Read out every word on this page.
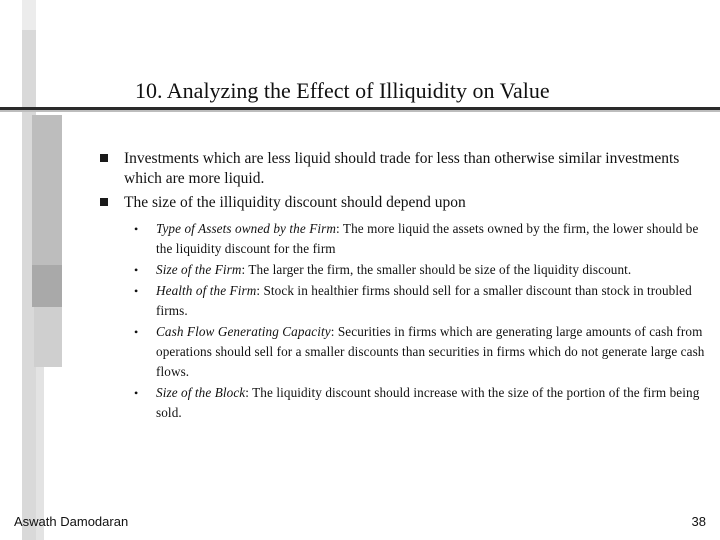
10. Analyzing the Effect of Illiquidity on Value
Investments which are less liquid should trade for less than otherwise similar investments which are more liquid.
The size of the illiquidity discount should depend upon
• Type of Assets owned by the Firm: The more liquid the assets owned by the firm, the lower should be the liquidity discount for the firm
• Size of the Firm: The larger the firm, the smaller should be size of the liquidity discount.
• Health of the Firm: Stock in healthier firms should sell for a smaller discount than stock in troubled firms.
• Cash Flow Generating Capacity: Securities in firms which are generating large amounts of cash from operations should sell for a smaller discounts than securities in firms which do not generate large cash flows.
• Size of the Block: The liquidity discount should increase with the size of the portion of the firm being sold.
Aswath Damodaran	38
